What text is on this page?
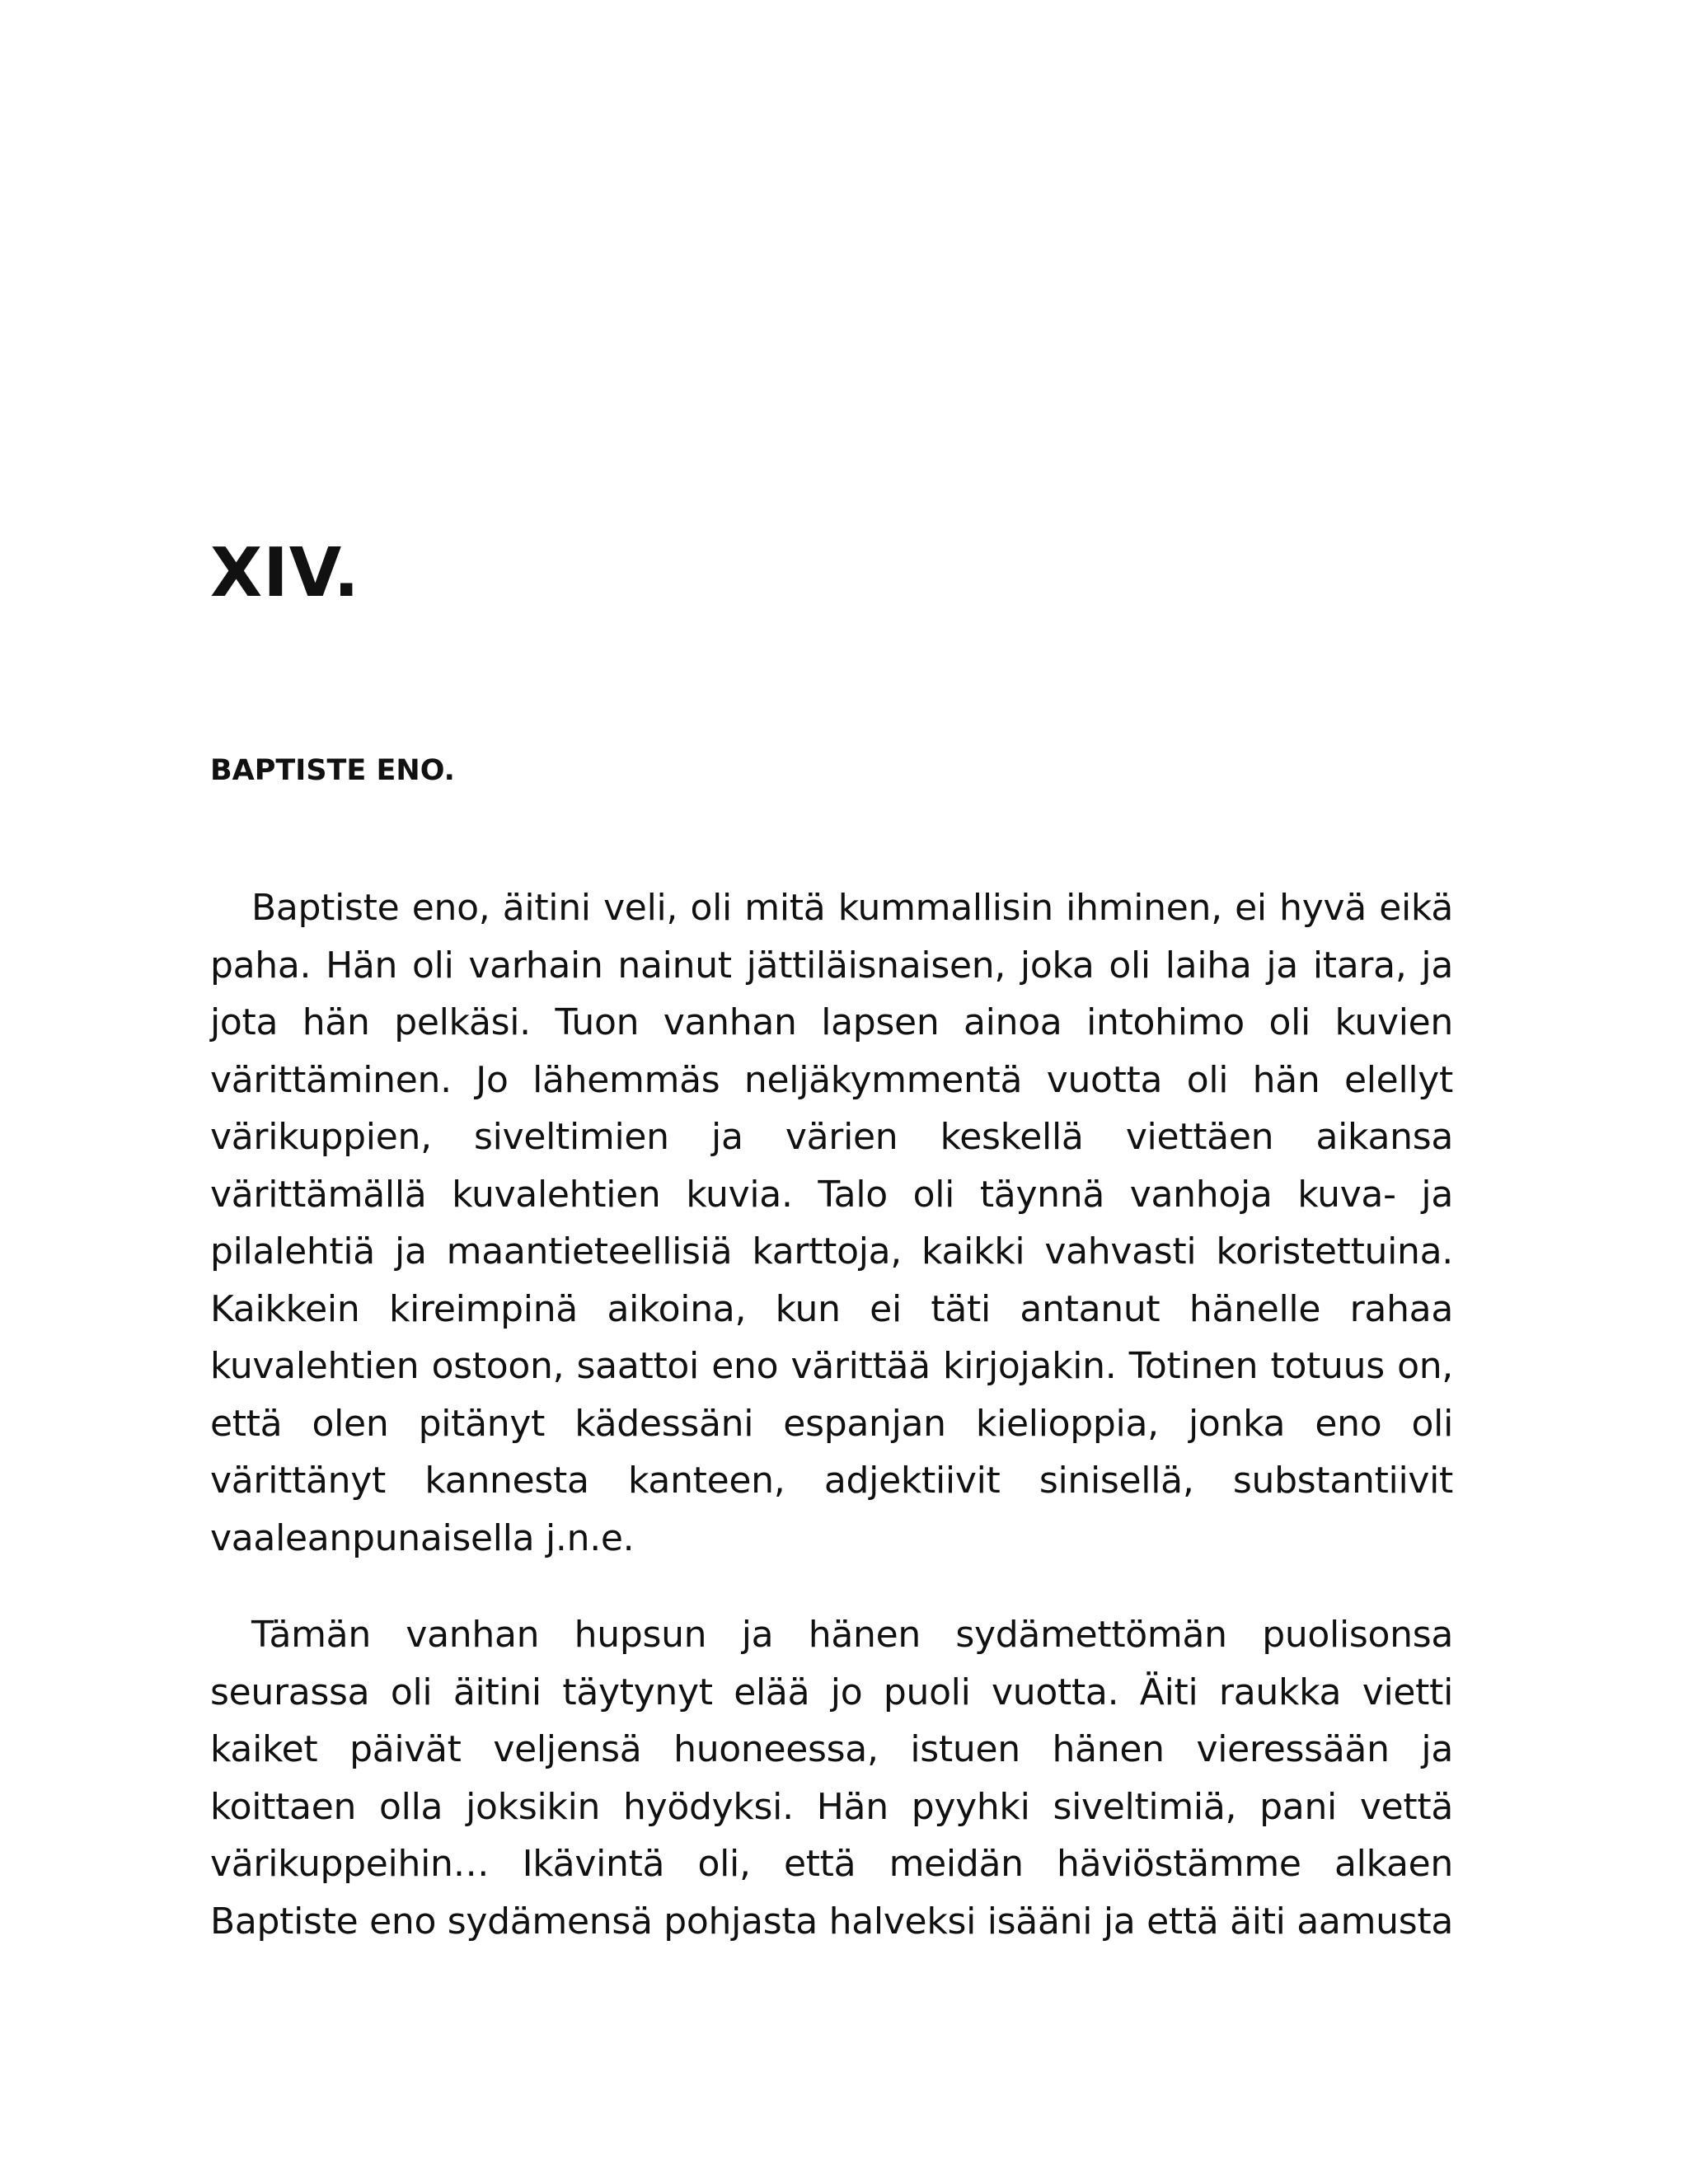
XIV.
BAPTISTE ENO.

Baptiste eno, äitini veli, oli mitä kummallisin ihminen, ei hyvä eikä paha. Hän oli varhain nainut jättiläisnaisen, joka oli laiha ja itara, ja jota hän pelkäsi. Tuon vanhan lapsen ainoa intohimo oli kuvien värittäminen. Jo lähemmäs neljäkymmentä vuotta oli hän elellyt värikuppien, siveltimien ja värien keskellä viettäen aikansa värittämällä kuvalehtien kuvia. Talo oli täynnä vanhoja kuva- ja pilalehtiä ja maantieteellisiä karttoja, kaikki vahvasti koristettuina. Kaikkein kireimpinä aikoina, kun ei täti antanut hänelle rahaa kuvalehtien ostoon, saattoi eno värittää kirjojakin. Totinen totuus on, että olen pitänyt kädessäni espanjan kielioppia, jonka eno oli värittänyt kannesta kanteen, adjektiivit sinisellä, substantiivit vaaleanpunaisella j.n.e.

Tämän vanhan hupsun ja hänen sydämettömän puolisonsa seurassa oli äitini täytynyt elää jo puoli vuotta. Äiti raukka vietti kaiket päivät veljensä huoneessa, istuen hänen vieressään ja koittaen olla joksikin hyödyksi. Hän pyyhki siveltimiä, pani vettä värikuppeihin… Ikävintä oli, että meidän häviöstämme alkaen Baptiste eno sydämensä pohjasta halveksi isääni ja että äiti aamusta
